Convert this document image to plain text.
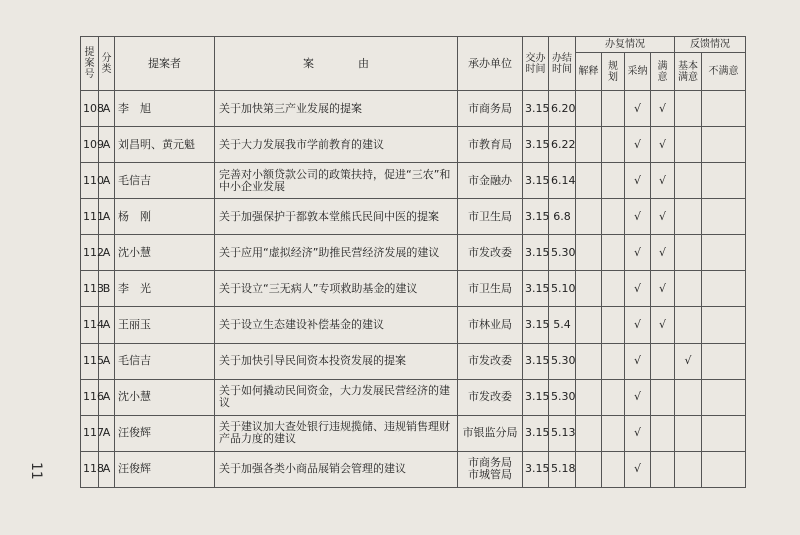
11
提案号	分类	提案者	案　　　　由	承办单位	交办时间	办结时间	办复情况				反馈情况	
							解释	规划	采纳	满意	基本满意	不满意
108	A	李　旭	关于加快第三产业发展的提案	市商务局	3.15	6.20			√	√		
109	A	刘昌明、黄元魁	关于大力发展我市学前教育的建议	市教育局	3.15	6.22			√	√		
110	A	毛信吉	完善对小额贷款公司的政策扶持，促进“三农”和中小企业发展	市金融办	3.15	6.14			√	√		
111	A	杨　刚	关于加强保护于都敦本堂熊氏民间中医的提案	市卫生局	3.15	6.8			√	√		
112	A	沈小慧	关于应用“虚拟经济”助推民营经济发展的建议	市发改委	3.15	5.30			√	√		
113	B	李　光	关于设立“三无病人”专项救助基金的建议	市卫生局	3.15	5.10			√	√		
114	A	王丽玉	关于设立生态建设补偿基金的建议	市林业局	3.15	5.4			√	√		
115	A	毛信吉	关于加快引导民间资本投资发展的提案	市发改委	3.15	5.30			√		√	
116	A	沈小慧	关于如何撬动民间资金，大力发展民营经济的建议	市发改委	3.15	5.30			√			
117	A	汪俊辉	关于建议加大查处银行违规揽储、违规销售理财产品力度的建议	市银监分局	3.15	5.13			√			
118	A	汪俊辉	关于加强各类小商品展销会管理的建议	市商务局
市城管局	3.15	5.18			√			
